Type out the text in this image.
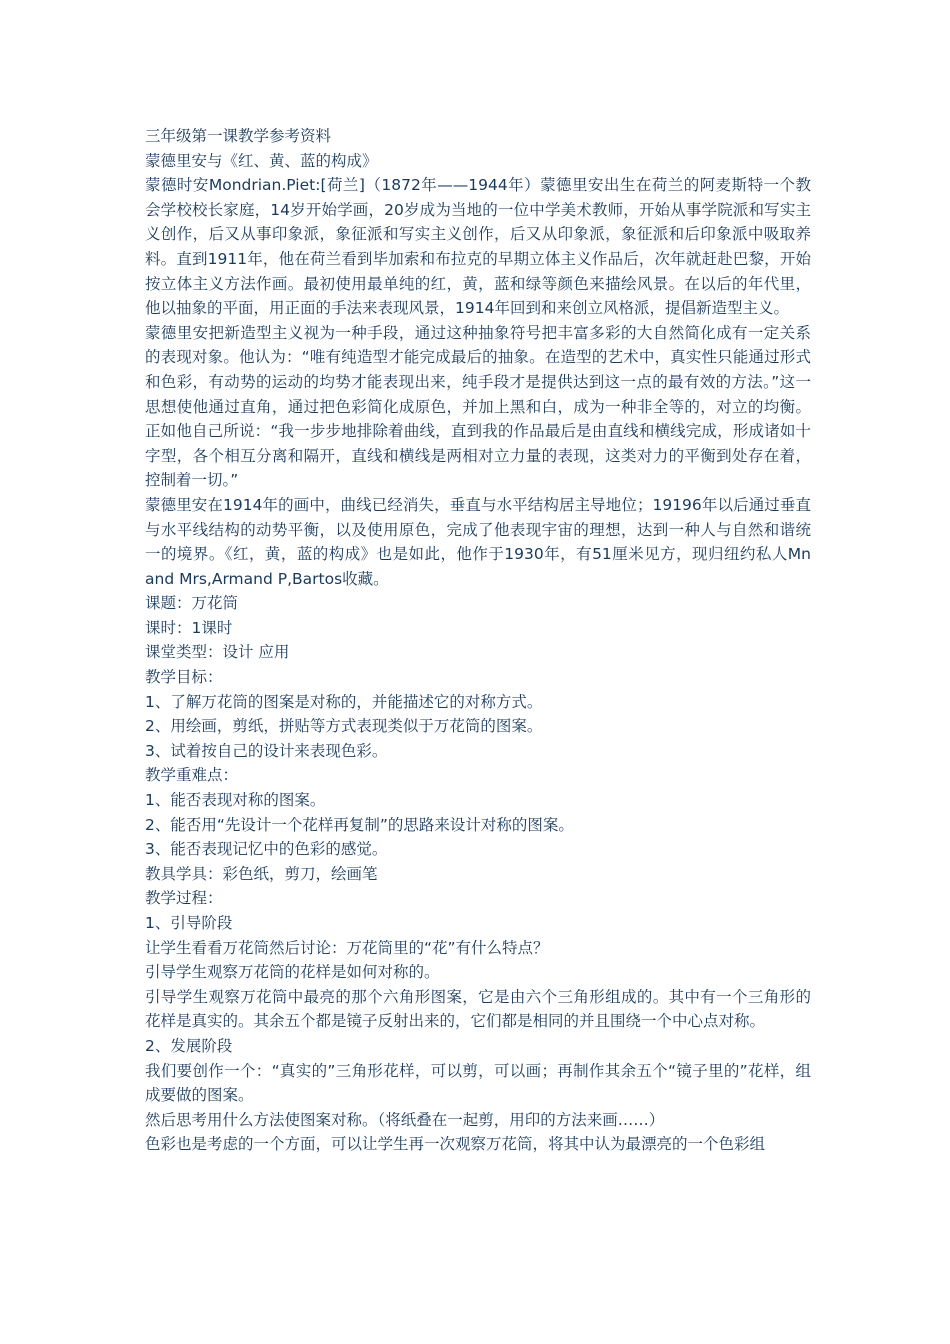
三年级第一课教学参考资料

蒙德里安与《红、黄、蓝的构成》

蒙德时安Mondrian.Piet:[荷兰]（1872年——1944年）蒙德里安出生在荷兰的阿麦斯特一个教会学校校长家庭，14岁开始学画，20岁成为当地的一位中学美术教师，开始从事学院派和写实主义创作，后又从事印象派，象征派和写实主义创作，后又从印象派，象征派和后印象派中吸取养料。直到1911年，他在荷兰看到毕加索和布拉克的早期立体主义作品后，次年就赶赴巴黎，开始按立体主义方法作画。最初使用最单纯的红，黄，蓝和绿等颜色来描绘风景。在以后的年代里，他以抽象的平面，用正面的手法来表现风景，1914年回到和来创立风格派，提倡新造型主义。

蒙德里安把新造型主义视为一种手段，通过这种抽象符号把丰富多彩的大自然简化成有一定关系的表现对象。他认为：“唯有纯造型才能完成最后的抽象。在造型的艺术中，真实性只能通过形式和色彩，有动势的运动的均势才能表现出来，纯手段才是提供达到这一点的最有效的方法。”这一思想使他通过直角，通过把色彩简化成原色，并加上黑和白，成为一种非全等的，对立的均衡。正如他自己所说：“我一步步地排除着曲线，直到我的作品最后是由直线和横线完成，形成诸如十字型，各个相互分离和隔开，直线和横线是两相对立力量的表现，这类对力的平衡到处存在着，控制着一切。”

蒙德里安在1914年的画中，曲线已经消失，垂直与水平结构居主导地位；19196年以后通过垂直与水平线结构的动势平衡，以及使用原色，完成了他表现宇宙的理想，达到一种人与自然和谐统一的境界。《红，黄，蓝的构成》也是如此，他作于1930年，有51厘米见方，现归纽约私人Mn and Mrs,Armand P,Bartos收藏。

课题：万花筒

课时：1课时

课堂类型：设计 应用

教学目标：

1、了解万花筒的图案是对称的，并能描述它的对称方式。

2、用绘画，剪纸，拼贴等方式表现类似于万花筒的图案。

3、试着按自己的设计来表现色彩。

教学重难点：

1、能否表现对称的图案。

2、能否用“先设计一个花样再复制”的思路来设计对称的图案。

3、能否表现记忆中的色彩的感觉。

教具学具：彩色纸，剪刀，绘画笔

教学过程：

1、引导阶段

让学生看看万花筒然后讨论：万花筒里的“花”有什么特点？

引导学生观察万花筒的花样是如何对称的。

引导学生观察万花筒中最亮的那个六角形图案，它是由六个三角形组成的。其中有一个三角形的花样是真实的。其余五个都是镜子反射出来的，它们都是相同的并且围绕一个中心点对称。

2、发展阶段

我们要创作一个：“真实的”三角形花样，可以剪，可以画；再制作其余五个“镜子里的”花样，组成要做的图案。

然后思考用什么方法使图案对称。（将纸叠在一起剪，用印的方法来画……）

色彩也是考虑的一个方面，可以让学生再一次观察万花筒，将其中认为最漂亮的一个色彩组
